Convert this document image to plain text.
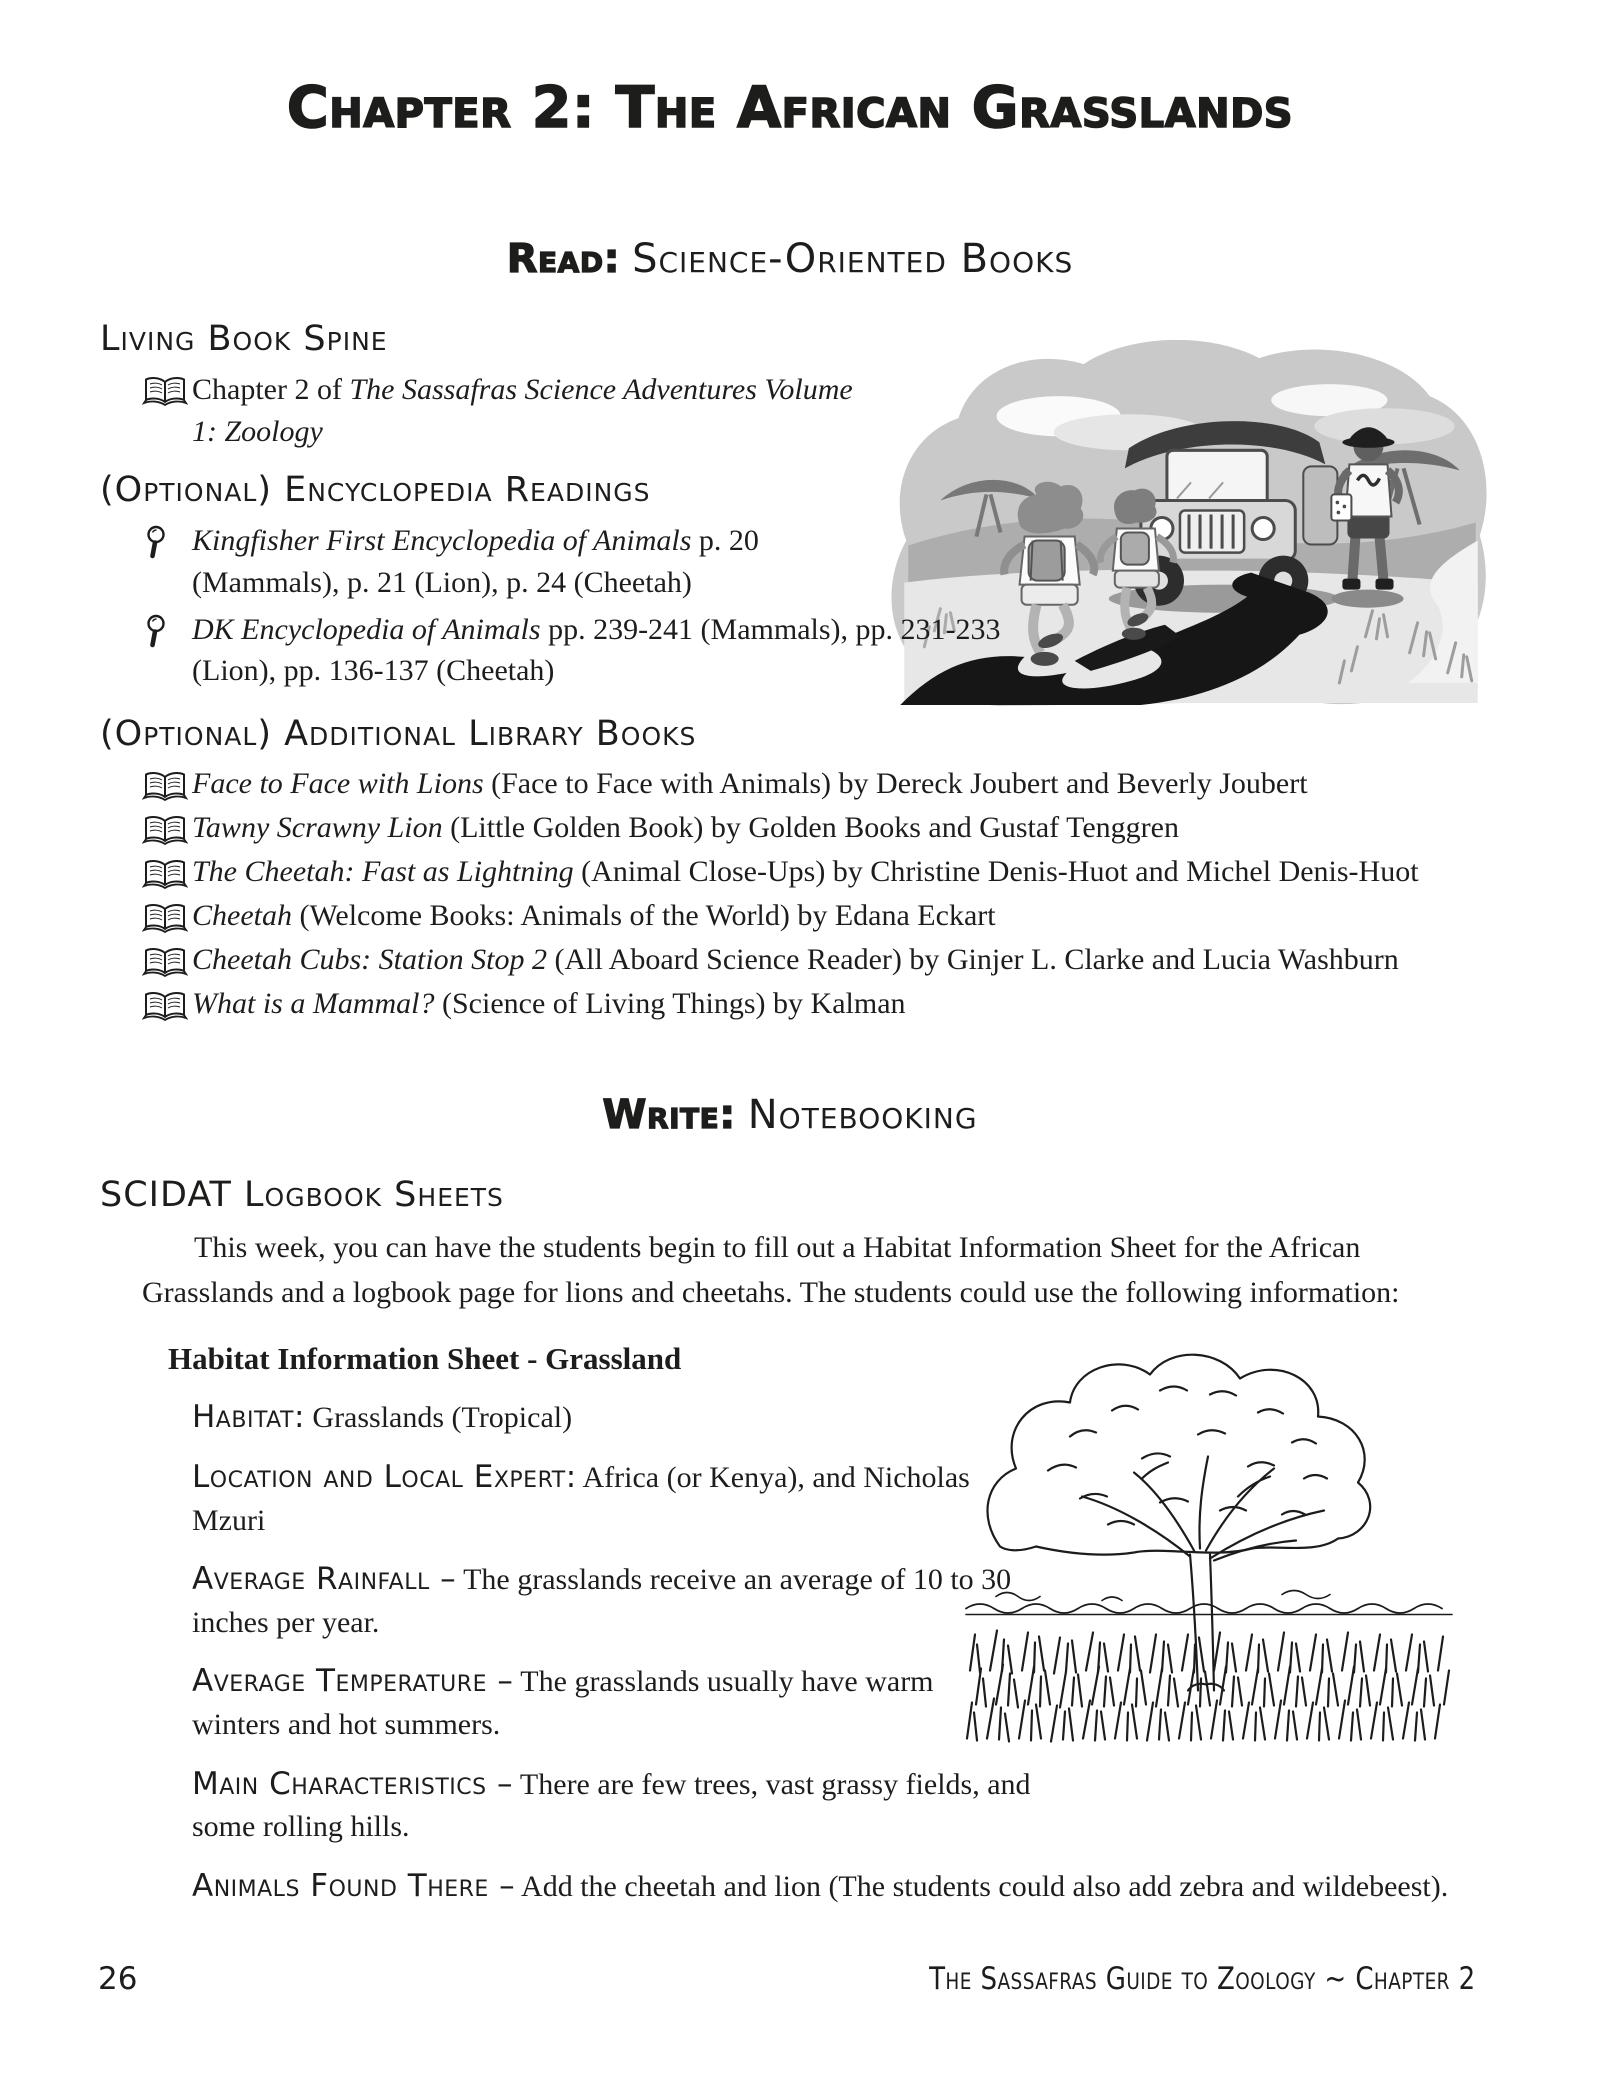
Chapter 2: The African Grasslands
Read: Science-Oriented Books
Living Book Spine
Chapter 2 of The Sassafras Science Adventures Volume 1: Zoology
(Optional) Encyclopedia Readings
Kingfisher First Encyclopedia of Animals p. 20 (Mammals), p. 21 (Lion), p. 24 (Cheetah)
DK Encyclopedia of Animals pp. 239-241 (Mammals), pp. 231-233 (Lion), pp. 136-137 (Cheetah)
(Optional) Additional Library Books
Face to Face with Lions (Face to Face with Animals) by Dereck Joubert and Beverly Joubert
Tawny Scrawny Lion (Little Golden Book) by Golden Books and Gustaf Tenggren
The Cheetah: Fast as Lightning (Animal Close-Ups) by Christine Denis-Huot and Michel Denis-Huot
Cheetah (Welcome Books: Animals of the World) by Edana Eckart
Cheetah Cubs: Station Stop 2 (All Aboard Science Reader) by Ginjer L. Clarke and Lucia Washburn
What is a Mammal? (Science of Living Things) by Kalman
Write: Notebooking
SCIDAT Logbook Sheets

This week, you can have the students begin to fill out a Habitat Information Sheet for the African Grasslands and a logbook page for lions and cheetahs. The students could use the following information:

Habitat Information Sheet - Grassland
Habitat: Grasslands (Tropical)
Location and Local Expert: Africa (or Kenya), and Nicholas Mzuri
Average Rainfall – The grasslands receive an average of 10 to 30 inches per year.
Average Temperature – The grasslands usually have warm winters and hot summers.
Main Characteristics – There are few trees, vast grassy fields, and some rolling hills.
Animals Found There – Add the cheetah and lion (The students could also add zebra and wildebeest).
26	The Sassafras Guide to Zoology ~ Chapter 2
